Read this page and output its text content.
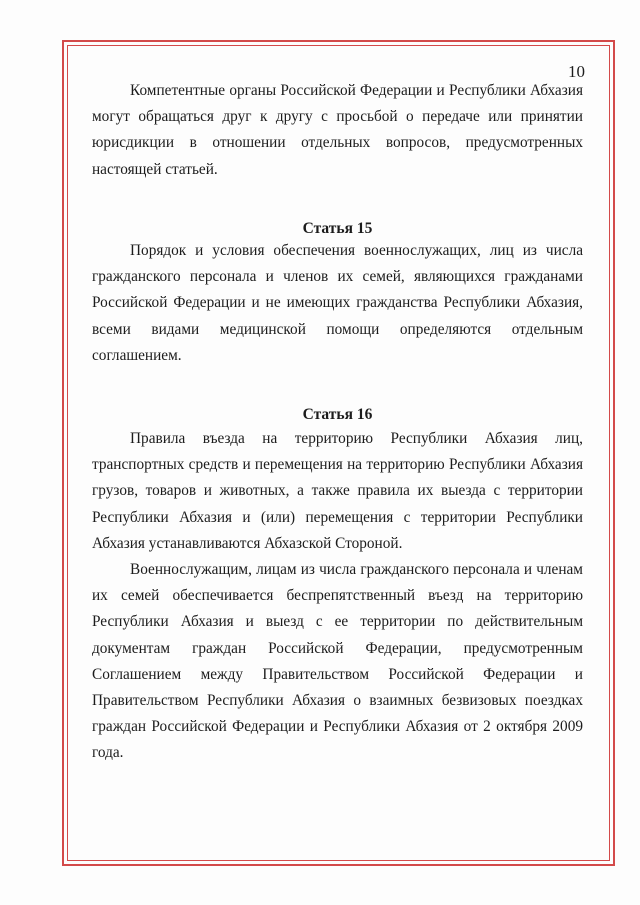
10

Компетентные органы Российской Федерации и Республики Абхазия могут обращаться друг к другу с просьбой о передаче или принятии юрисдикции в отношении отдельных вопросов, предусмотренных настоящей статьей.

Статья 15

Порядок и условия обеспечения военнослужащих, лиц из числа гражданского персонала и членов их семей, являющихся гражданами Российской Федерации и не имеющих гражданства Республики Абхазия, всеми видами медицинской помощи определяются отдельным соглашением.

Статья 16

Правила въезда на территорию Республики Абхазия лиц, транспортных средств и перемещения на территорию Республики Абхазия грузов, товаров и животных, а также правила их выезда с территории Республики Абхазия и (или) перемещения с территории Республики Абхазия устанавливаются Абхазской Стороной.

Военнослужащим, лицам из числа гражданского персонала и членам их семей обеспечивается беспрепятственный въезд на территорию Республики Абхазия и выезд с ее территории по действительным документам граждан Российской Федерации, предусмотренным Соглашением между Правительством Российской Федерации и Правительством Республики Абхазия о взаимных безвизовых поездках граждан Российской Федерации и Республики Абхазия от 2 октября 2009 года.
